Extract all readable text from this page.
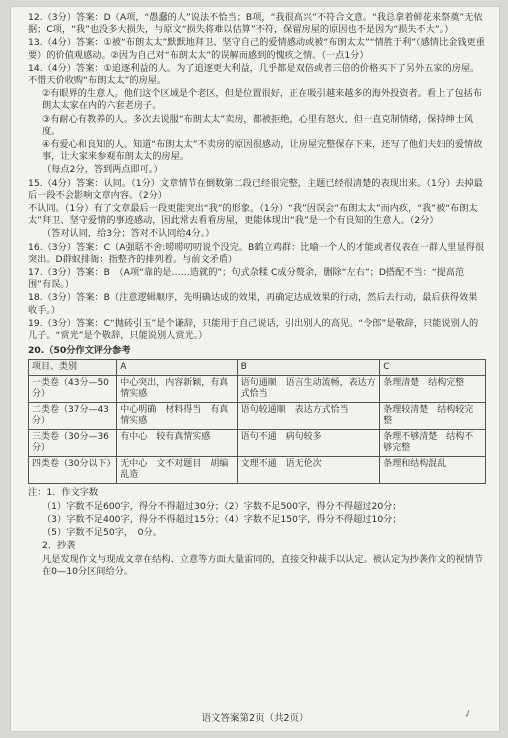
12.（3分）答案：D（A项，“愚蠢的人”说法不恰当；B项，“我很高兴”不符合文意。“我总拿着鲜花来祭奠”无依据；C项，“我”也没多大损失，与原文“损失将难以估算”不符，保留房屋的原因也不是因为“损失不大”。）
13.（4分）答案：①被“布朗太太”默默地拜卫、坚守自己的爱情感动或被“布朗太太”“情胜于利”（感情比金钱更重要）的价值观感动。②因为自己对“布朗太太”的误解而感到的愧疚之情。（一点1分）
14.（4分）答案：①追逐利益的人。为了追逐更大利益，几乎都是双倍或者三倍的价格买下了另外五家的房屋。不惜天价收购“布朗太太”的房屋。
②有眼界的生意人。他们这个区域是个老区，但是位置很好，正在吸引越来越多的海外投资者。看上了包括布朗太太家在内的六套老房子。
③有耐心有教养的人。多次去说服“布朗太太”卖房，都被拒绝，心里有怒火，但一直克制情绪，保持绅士风度。
④有爱心和良知的人。知道“布朗太太”不卖房的原因很感动，让房屋完整保存下来，还写了他们夫妇的爱情故事，让大家来参观布朗太太的房屋。
（每点2分，答到两点即可。）
15.（4分）答案：认同。（1分）文章情节在倒数第二段已经很完整，主题已经很清楚的表现出来。（1分）去掉最后一段不会影响文章内容。（2分）
不认同。（1分）有了文章最后一段更能突出“我”的形象。（1分）“我”因误会“布朗太太”而内疚，“我”被“布朗太太”拜卫、坚守爱情的事迹感动，因此常去看看房屋，更能体现出“我”是一个有良知的生意人。（2分）
（答对认同，给3分；答对不认同给4分。）
16.（3分）答案：C（A强聒不舍:唠唠叨叨说个没完。B鹤立鸡群：比喻一个人的才能或者仪表在一群人里显得很突出。D群蚁排衙：指整齐的排列着。与前文矛盾）
17.（3分）答案：B　（A项“靠的是……造就的”；句式杂糅 C成分赘余，删除“左右”；D搭配不当：“提高范围”有误。）
18.（3分）答案：B（注意逻辑顺序，先明确达成的效果，再确定达成效果的行动，然后去行动，最后获得效果收手。）
19.（3分）答案：C“抛砖引玉”是个谦辞，只能用于自己说话，引出别人的高见。“令郎”是敬辞，只能说别人的儿子。“赏光”是个敬辞，只能说别人赏光。）
20.（50分作文评分参考
项目、类别	A	B	C
一类卷（43分—50分）	中心突出，内容新颖，有真情实感	语句通顺　语言生动流畅，表达方式恰当	条理清楚　结构完整
二类卷（37分—43分）	中心明确　材料得当　有真情实感	语句较通顺　表达方式恰当	条理较清楚　结构较完整
三类卷（30分—36分）	有中心　较有真情实感	语句不通　病句较多	条理不够清楚　结构不够完整
四类卷（30分以下）	无中心　文不对题目　胡编乱造	文理不通　语无伦次	条理和结构混乱
注：1．作文字数
（1）字数不足600字，得分不得超过30分；（2）字数不足500字，得分不得超过20分；
（3）字数不足400字，得分不得超过15分；（4）字数不足150字，得分不得超过10分；
（5）字数不足50字，　0分。
2．抄袭
凡是发现作文与现成文章在结构、立意等方面大量雷同的，直接交仲裁手以认定。被认定为抄袭作文的视情节在0—10分区间给分。
语文答案第2页（共2页）	✓
